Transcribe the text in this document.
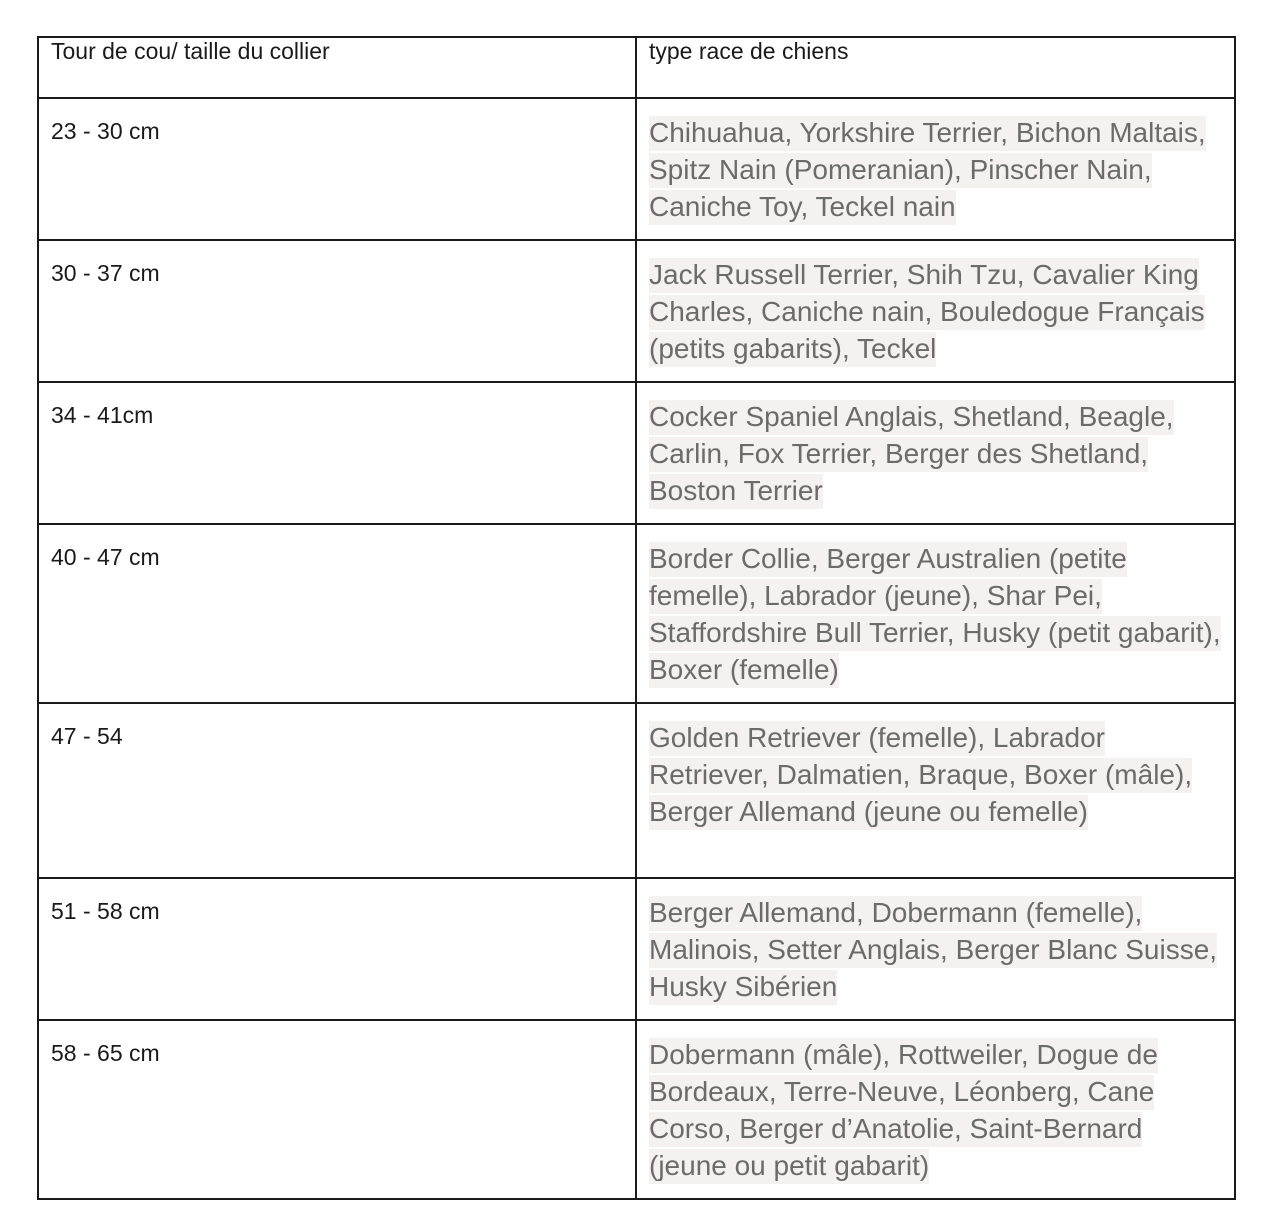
Tour de cou/ taille du collier	type race de chiens
23 - 30 cm	Chihuahua, Yorkshire Terrier, Bichon Maltais, Spitz Nain (Pomeranian), Pinscher Nain, Caniche Toy, Teckel nain

30 - 37 cm	Jack Russell Terrier, Shih Tzu, Cavalier King Charles, Caniche nain, Bouledogue Français (petits gabarits), Teckel

34 - 41cm	Cocker Spaniel Anglais, Shetland, Beagle, Carlin, Fox Terrier, Berger des Shetland, Boston Terrier

40 - 47 cm	Border Collie, Berger Australien (petite femelle), Labrador (jeune), Shar Pei, Staffordshire Bull Terrier, Husky (petit gabarit), Boxer (femelle)

47 - 54	Golden Retriever (femelle), Labrador Retriever, Dalmatien, Braque, Boxer (mâle), Berger Allemand (jeune ou femelle)

51 - 58 cm	Berger Allemand, Dobermann (femelle), Malinois, Setter Anglais, Berger Blanc Suisse, Husky Sibérien

58 - 65 cm	Dobermann (mâle), Rottweiler, Dogue de Bordeaux, Terre-Neuve, Léonberg, Cane Corso, Berger d’Anatolie, Saint-Bernard (jeune ou petit gabarit)
